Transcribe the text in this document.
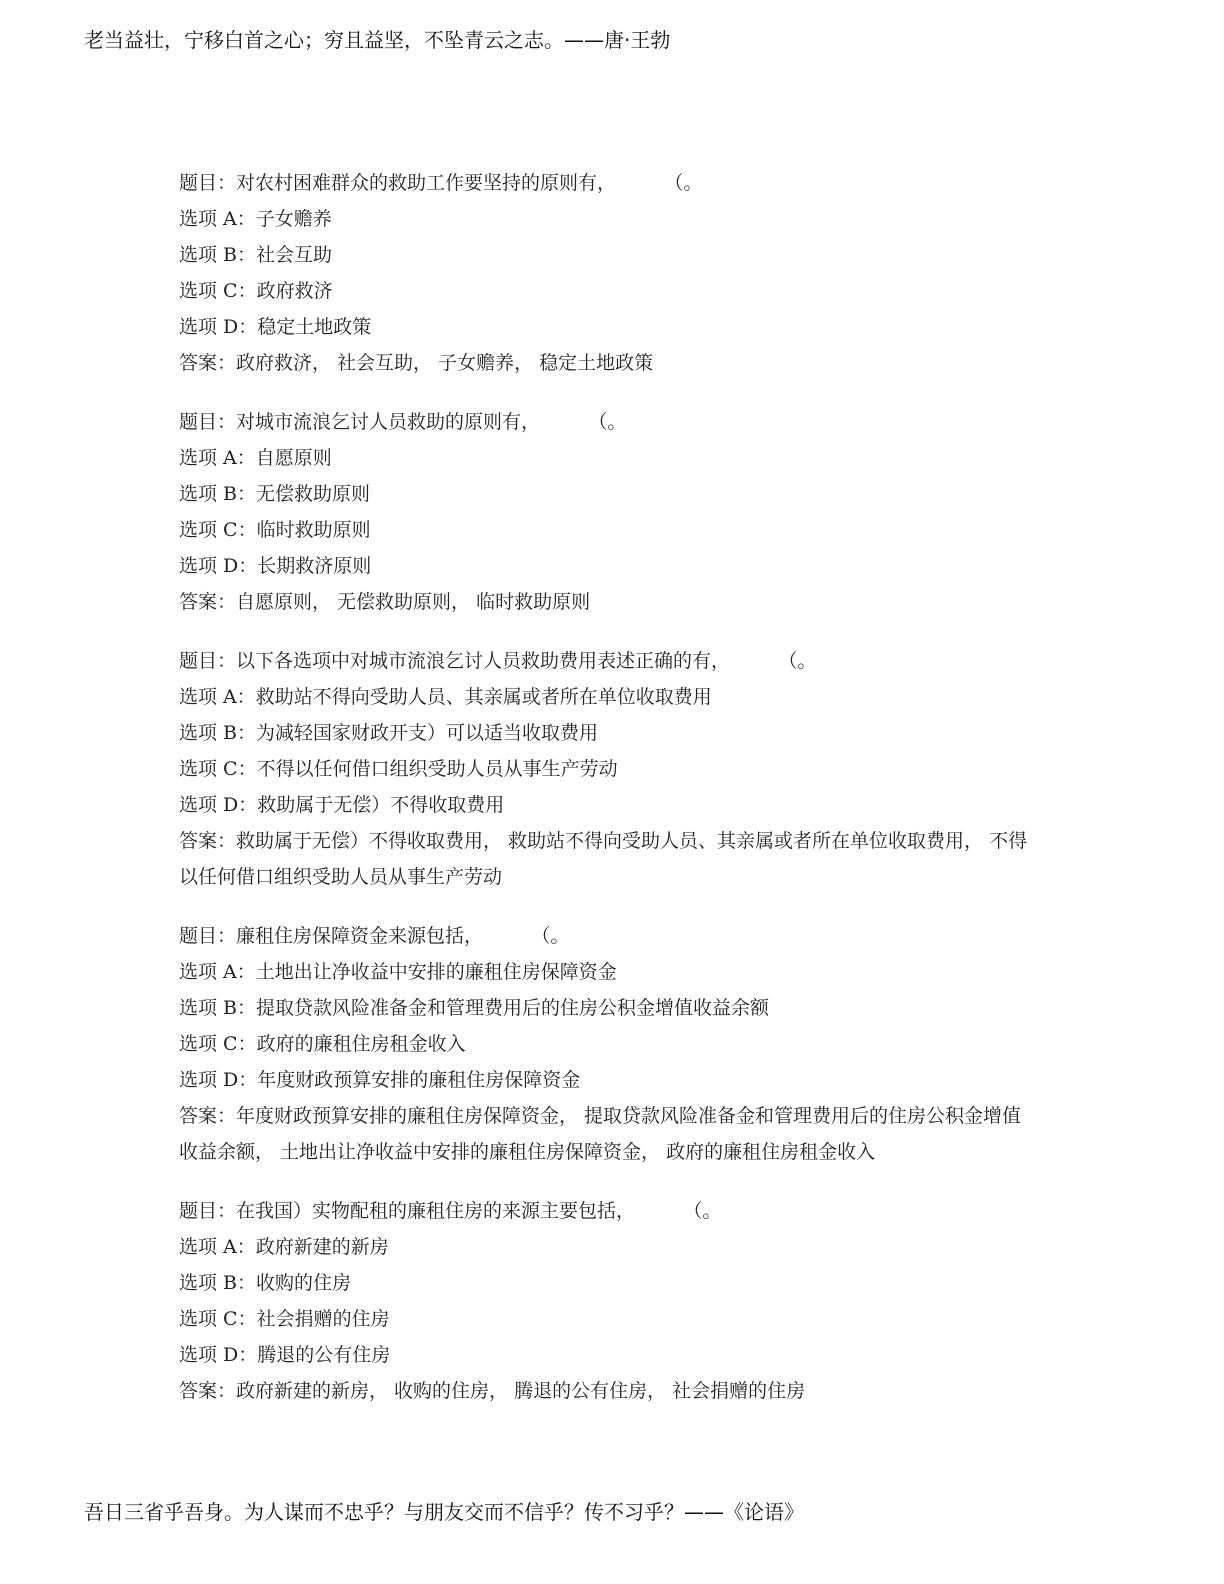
老当益壮，宁移白首之心；穷且益坚，不坠青云之志。——唐·王勃

题目：对农村困难群众的救助工作要坚持的原则有，        （。

选项 A：子女赡养

选项 B：社会互助

选项 C：政府救济

选项 D：稳定土地政策

答案：政府救济， 社会互助， 子女赡养， 稳定土地政策

题目：对城市流浪乞讨人员救助的原则有，        （。

选项 A：自愿原则

选项 B：无偿救助原则

选项 C：临时救助原则

选项 D：长期救济原则

答案：自愿原则， 无偿救助原则， 临时救助原则

题目：以下各选项中对城市流浪乞讨人员救助费用表述正确的有，        （。

选项 A：救助站不得向受助人员、其亲属或者所在单位收取费用

选项 B：为减轻国家财政开支）可以适当收取费用

选项 C：不得以任何借口组织受助人员从事生产劳动

选项 D：救助属于无偿）不得收取费用

答案：救助属于无偿）不得收取费用， 救助站不得向受助人员、其亲属或者所在单位收取费用， 不得以任何借口组织受助人员从事生产劳动

题目：廉租住房保障资金来源包括，        （。

选项 A：土地出让净收益中安排的廉租住房保障资金

选项 B：提取贷款风险准备金和管理费用后的住房公积金增值收益余额

选项 C：政府的廉租住房租金收入

选项 D：年度财政预算安排的廉租住房保障资金

答案：年度财政预算安排的廉租住房保障资金， 提取贷款风险准备金和管理费用后的住房公积金增值收益余额， 土地出让净收益中安排的廉租住房保障资金， 政府的廉租住房租金收入

题目：在我国）实物配租的廉租住房的来源主要包括，        （。

选项 A：政府新建的新房

选项 B：收购的住房

选项 C：社会捐赠的住房

选项 D：腾退的公有住房

答案：政府新建的新房， 收购的住房， 腾退的公有住房， 社会捐赠的住房

吾日三省乎吾身。为人谋而不忠乎？与朋友交而不信乎？传不习乎？——《论语》
